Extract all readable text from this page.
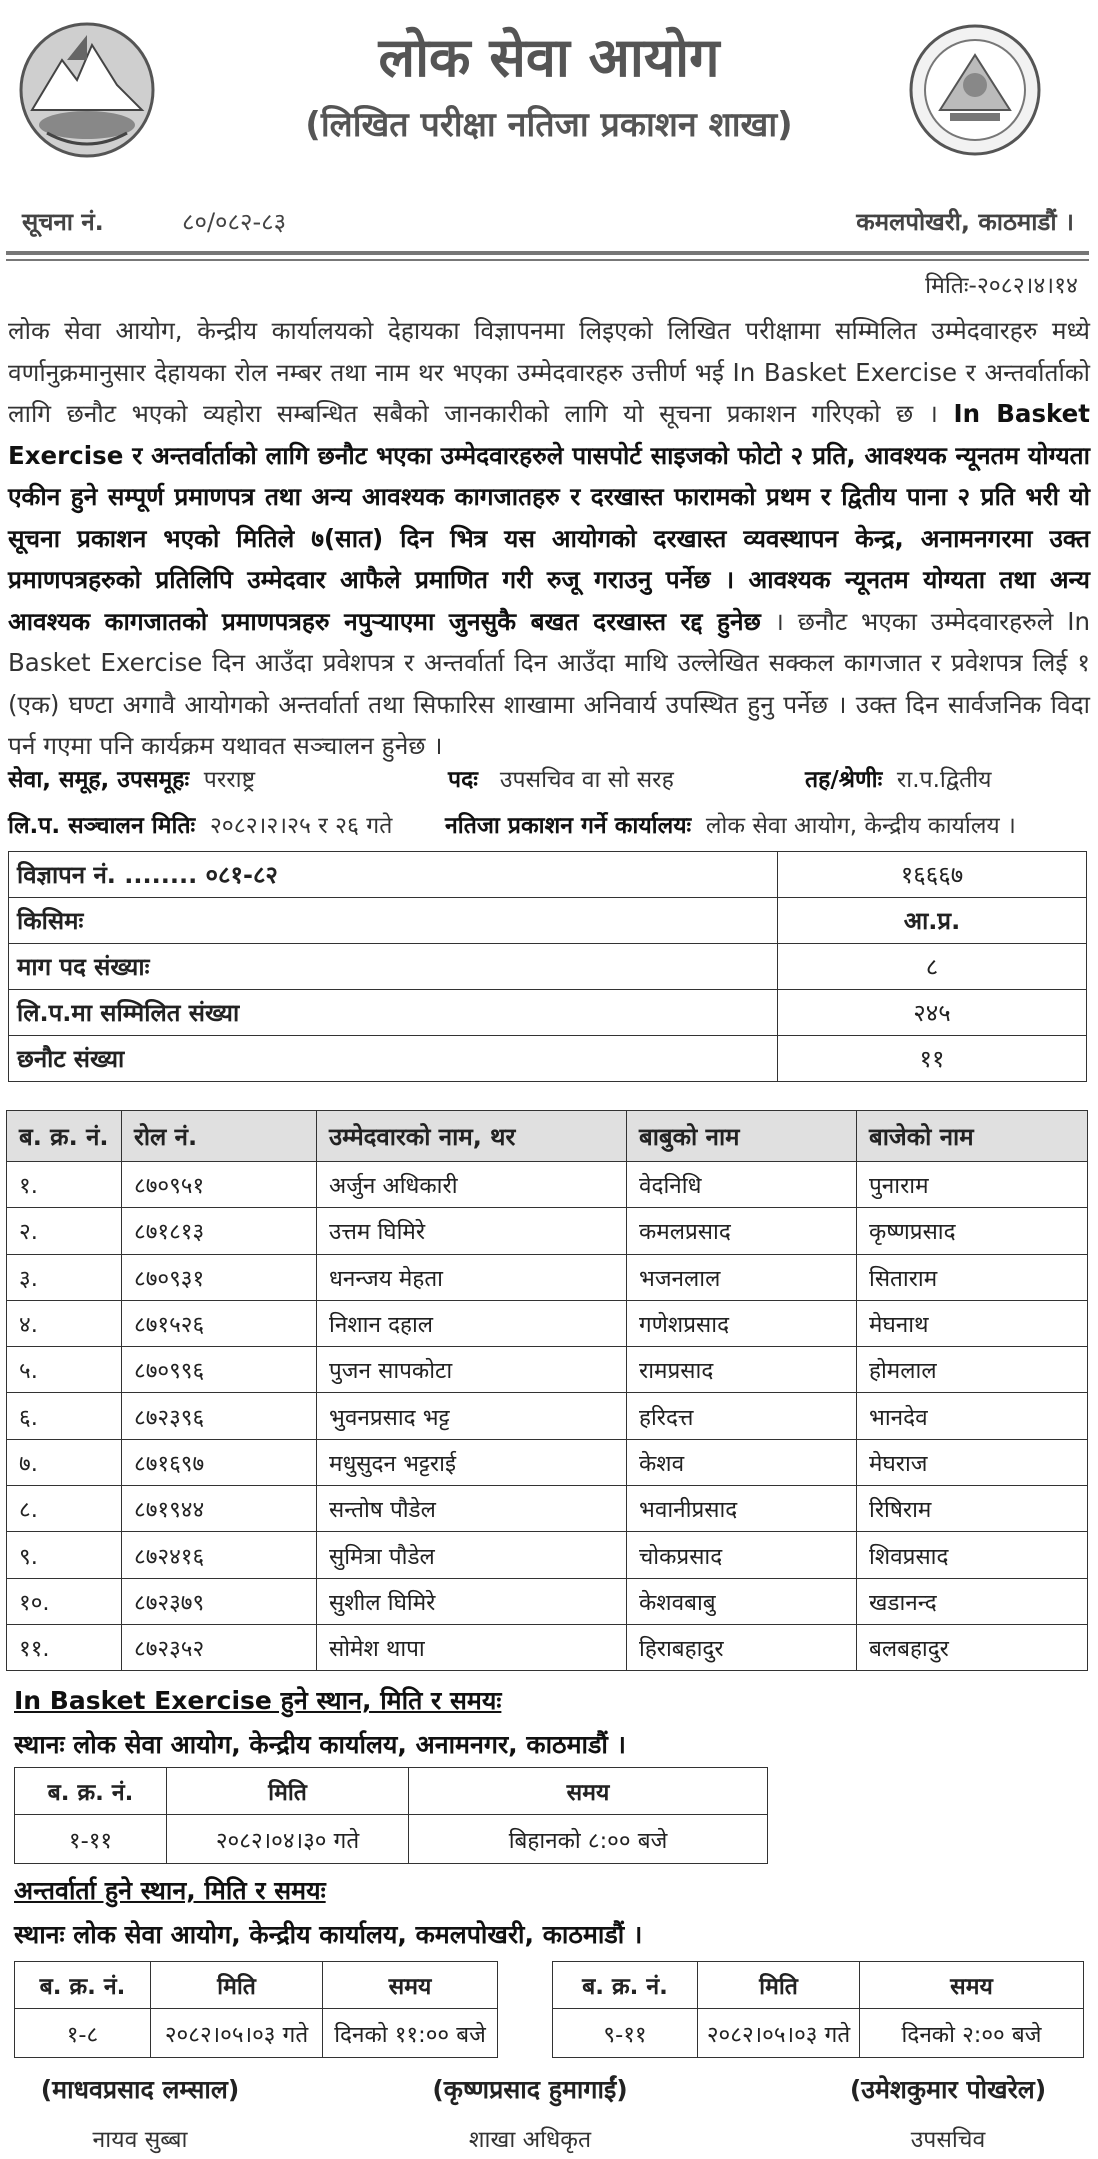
लोक सेवा आयोग
(लिखित परीक्षा नतिजा प्रकाशन शाखा)
सूचना नं.	८०/०८२-८३	कमलपोखरी, काठमाडौं ।
मितिः-२०८२।४।१४
लोक सेवा आयोग, केन्द्रीय कार्यालयको देहायका विज्ञापनमा लिइएको लिखित परीक्षामा सम्मिलित उम्मेदवारहरु मध्ये वर्णानुक्रमानुसार देहायका रोल नम्बर तथा नाम थर भएका उम्मेदवारहरु उत्तीर्ण भई In Basket Exercise र अन्तर्वार्ताको लागि छनौट भएको व्यहोरा सम्बन्धित सबैको जानकारीको लागि यो सूचना प्रकाशन गरिएको छ । In Basket Exercise र अन्तर्वार्ताको लागि छनौट भएका उम्मेदवारहरुले पासपोर्ट साइजको फोटो २ प्रति, आवश्यक न्यूनतम योग्यता एकीन हुने सम्पूर्ण प्रमाणपत्र तथा अन्य आवश्यक कागजातहरु र दरखास्त फारामको प्रथम र द्वितीय पाना २ प्रति भरी यो सूचना प्रकाशन भएको मितिले ७(सात) दिन भित्र यस आयोगको दरखास्त व्यवस्थापन केन्द्र, अनामनगरमा उक्त प्रमाणपत्रहरुको प्रतिलिपि उम्मेदवार आफैले प्रमाणित गरी रुजू गराउनु पर्नेछ । आवश्यक न्यूनतम योग्यता तथा अन्य आवश्यक कागजातको प्रमाणपत्रहरु नपुऱ्याएमा जुनसुकै बखत दरखास्त रद्द हुनेछ । छनौट भएका उम्मेदवारहरुले In Basket Exercise दिन आउँदा प्रवेशपत्र र अन्तर्वार्ता दिन आउँदा माथि उल्लेखित सक्कल कागजात र प्रवेशपत्र लिई १ (एक) घण्टा अगावै आयोगको अन्तर्वार्ता तथा सिफारिस शाखामा अनिवार्य उपस्थित हुनु पर्नेछ । उक्त दिन सार्वजनिक विदा पर्न गएमा पनि कार्यक्रम यथावत सञ्चालन हुनेछ ।
सेवा, समूह, उपसमूहः परराष्ट्र	पदः उपसचिव वा सो सरह	तह/श्रेणीः रा.प.द्वितीय
लि.प. सञ्चालन मितिः २०८२।२।२५ र २६ गते नतिजा प्रकाशन गर्ने कार्यालयः लोक सेवा आयोग, केन्द्रीय कार्यालय ।
विज्ञापन नं. ........ ०८१-८२	१६६६७
किसिमः	आ.प्र.
माग पद संख्याः	८
लि.प.मा सम्मिलित संख्या	२४५
छनौट संख्या	११
ब. क्र. नं.	रोल नं.	उम्मेदवारको नाम, थर	बाबुको नाम	बाजेको नाम
१.	८७०९५१	अर्जुन अधिकारी	वेदनिधि	पुनाराम
२.	८७१८१३	उत्तम घिमिरे	कमलप्रसाद	कृष्णप्रसाद
३.	८७०९३१	धनन्जय मेहता	भजनलाल	सिताराम
४.	८७१५२६	निशान दहाल	गणेशप्रसाद	मेघनाथ
५.	८७०९९६	पुजन सापकोटा	रामप्रसाद	होमलाल
६.	८७२३९६	भुवनप्रसाद भट्ट	हरिदत्त	भानदेव
७.	८७१६९७	मधुसुदन भट्टराई	केशव	मेघराज
८.	८७१९४४	सन्तोष पौडेल	भवानीप्रसाद	रिषिराम
९.	८७२४१६	सुमित्रा पौडेल	चोकप्रसाद	शिवप्रसाद
१०.	८७२३७९	सुशील घिमिरे	केशवबाबु	खडानन्द
११.	८७२३५२	सोमेश थापा	हिराबहादुर	बलबहादुर
In Basket Exercise हुने स्थान, मिति र समयः
स्थानः लोक सेवा आयोग, केन्द्रीय कार्यालय, अनामनगर, काठमाडौं ।
ब. क्र. नं.	मिति	समय
१-११	२०८२।०४।३० गते	बिहानको ८:०० बजे
अन्तर्वार्ता हुने स्थान, मिति र समयः
स्थानः लोक सेवा आयोग, केन्द्रीय कार्यालय, कमलपोखरी, काठमाडौं ।
ब. क्र. नं.	मिति	समय
१-८	२०८२।०५।०३ गते	दिनको ११:०० बजे
ब. क्र. नं.	मिति	समय
९-११	२०८२।०५।०३ गते	दिनको २:०० बजे
(माधवप्रसाद लम्साल)
नायव सुब्बा
(कृष्णप्रसाद हुमागाईं)
शाखा अधिकृत
(उमेशकुमार पोखरेल)
उपसचिव
